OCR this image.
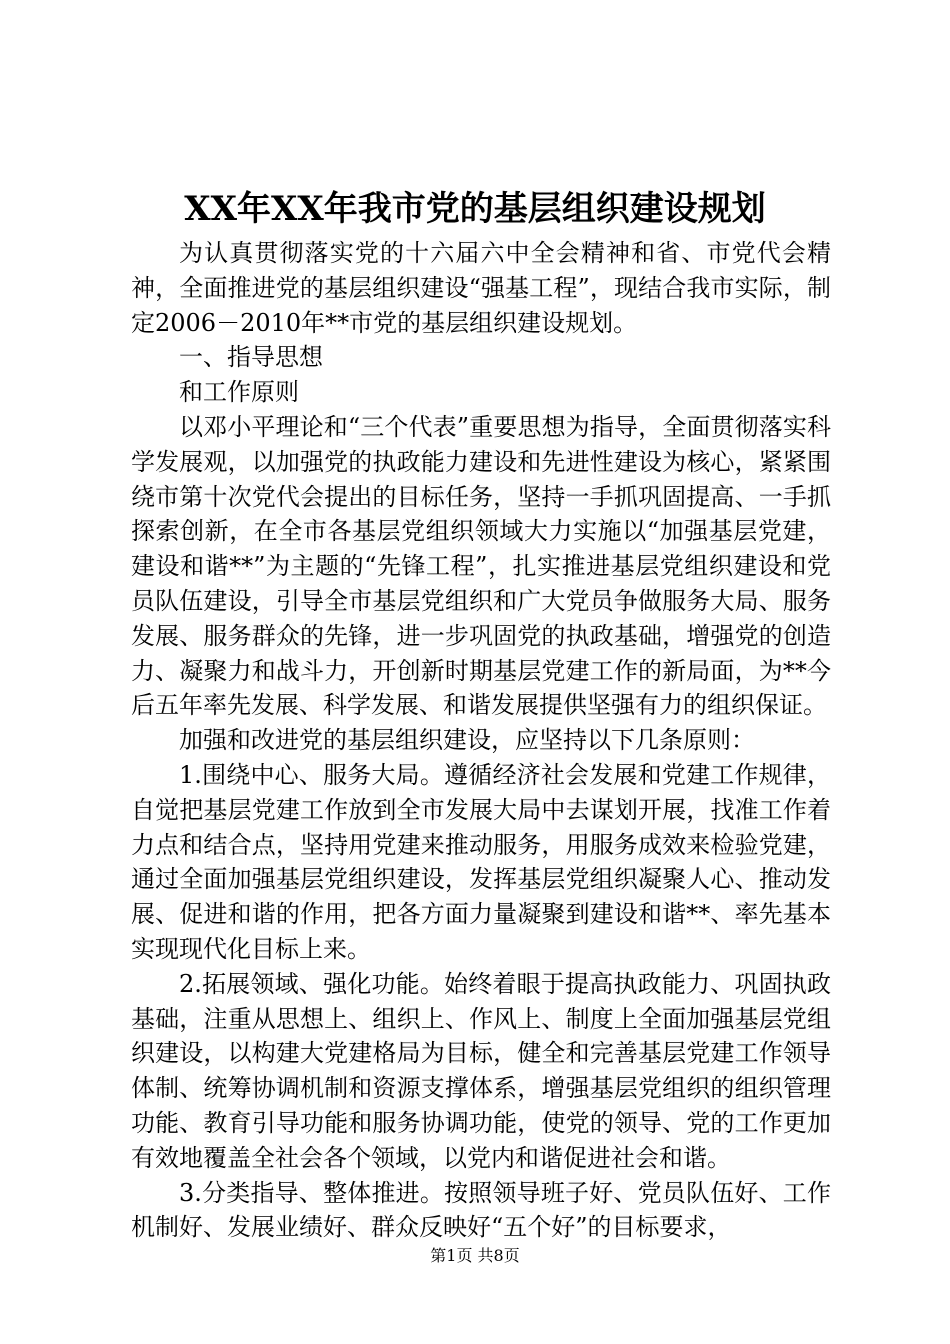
XX年XX年我市党的基层组织建设规划

为认真贯彻落实党的十六届六中全会精神和省、市党代会精神，全面推进党的基层组织建设“强基工程”，现结合我市实际，制定2006－2010年**市党的基层组织建设规划。

一、指导思想

和工作原则

以邓小平理论和“三个代表”重要思想为指导，全面贯彻落实科学发展观，以加强党的执政能力建设和先进性建设为核心，紧紧围绕市第十次党代会提出的目标任务，坚持一手抓巩固提高、一手抓探索创新，在全市各基层党组织领域大力实施以“加强基层党建，建设和谐**”为主题的“先锋工程”，扎实推进基层党组织建设和党员队伍建设，引导全市基层党组织和广大党员争做服务大局、服务发展、服务群众的先锋，进一步巩固党的执政基础，增强党的创造力、凝聚力和战斗力，开创新时期基层党建工作的新局面，为**今后五年率先发展、科学发展、和谐发展提供坚强有力的组织保证。

加强和改进党的基层组织建设，应坚持以下几条原则：

1.围绕中心、服务大局。遵循经济社会发展和党建工作规律，自觉把基层党建工作放到全市发展大局中去谋划开展，找准工作着力点和结合点，坚持用党建来推动服务，用服务成效来检验党建，通过全面加强基层党组织建设，发挥基层党组织凝聚人心、推动发展、促进和谐的作用，把各方面力量凝聚到建设和谐**、率先基本实现现代化目标上来。

2.拓展领域、强化功能。始终着眼于提高执政能力、巩固执政基础，注重从思想上、组织上、作风上、制度上全面加强基层党组织建设，以构建大党建格局为目标，健全和完善基层党建工作领导体制、统筹协调机制和资源支撑体系，增强基层党组织的组织管理功能、教育引导功能和服务协调功能，使党的领导、党的工作更加有效地覆盖全社会各个领域，以党内和谐促进社会和谐。

3.分类指导、整体推进。按照领导班子好、党员队伍好、工作机制好、发展业绩好、群众反映好“五个好”的目标要求，

第1页 共8页
